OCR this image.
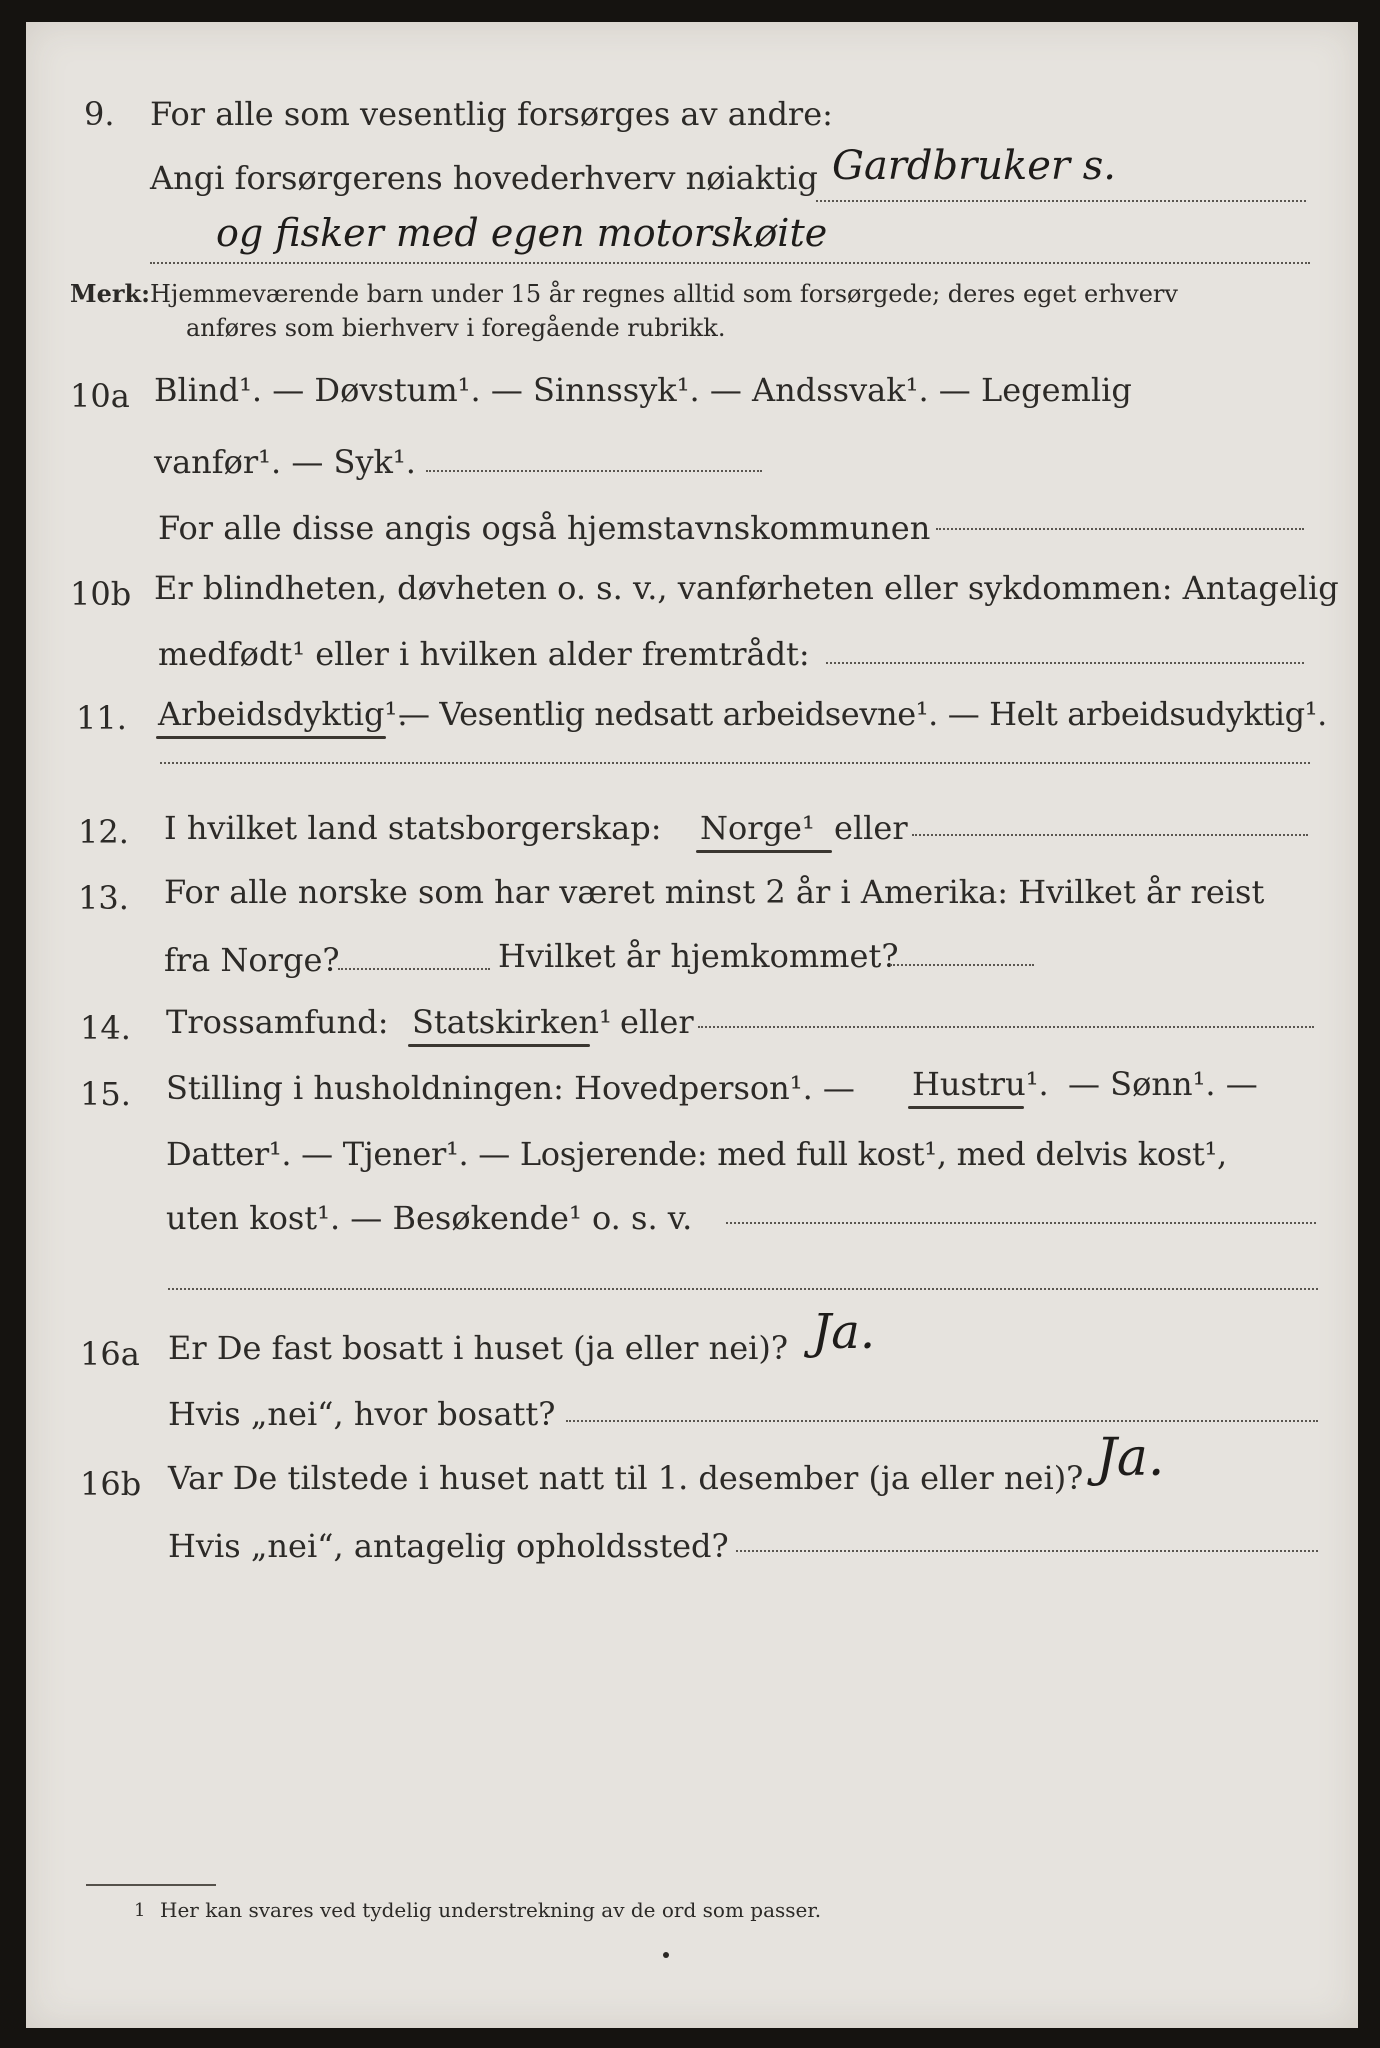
9. For alle som vesentlig forsørges av andre:
Angi forsørgerens hovederhverv nøiaktig Gardbruker s.
og fisker med egen motorskøite
Merk: Hjemmeværende barn under 15 år regnes alltid som forsørgede; deres eget erhverv
anføres som bierhverv i foregående rubrikk.
10a Blind¹. — Døvstum¹. — Sinnssyk¹. — Andssvak¹. — Legemlig
vanfør¹. — Syk¹.
For alle disse angis også hjemstavnskommunen
10b Er blindheten, døvheten o. s. v., vanførheten eller sykdommen: Antagelig
medfødt¹ eller i hvilken alder fremtrådt:
11. Arbeidsdyktig¹.
— Vesentlig nedsatt arbeidsevne¹. — Helt arbeidsudyktig¹.
12. I hvilket land statsborgerskap: Norge¹ eller
13. For alle norske som har været minst 2 år i Amerika: Hvilket år reist
fra Norge?	Hvilket år hjemkommet?
14. Trossamfund: Statskirken¹ eller
15. Stilling i husholdningen: Hovedperson¹. — Hustru¹. — Sønn¹. —
Datter¹. — Tjener¹. — Losjerende: med full kost¹, med delvis kost¹,
uten kost¹. — Besøkende¹ o. s. v.
16a Er De fast bosatt i huset (ja eller nei)? Ja.
Hvis „nei“, hvor bosatt?
16b Var De tilstede i huset natt til 1. desember (ja eller nei)? Ja.
Hvis „nei“, antagelig opholdssted?
1 Her kan svares ved tydelig understrekning av de ord som passer.
